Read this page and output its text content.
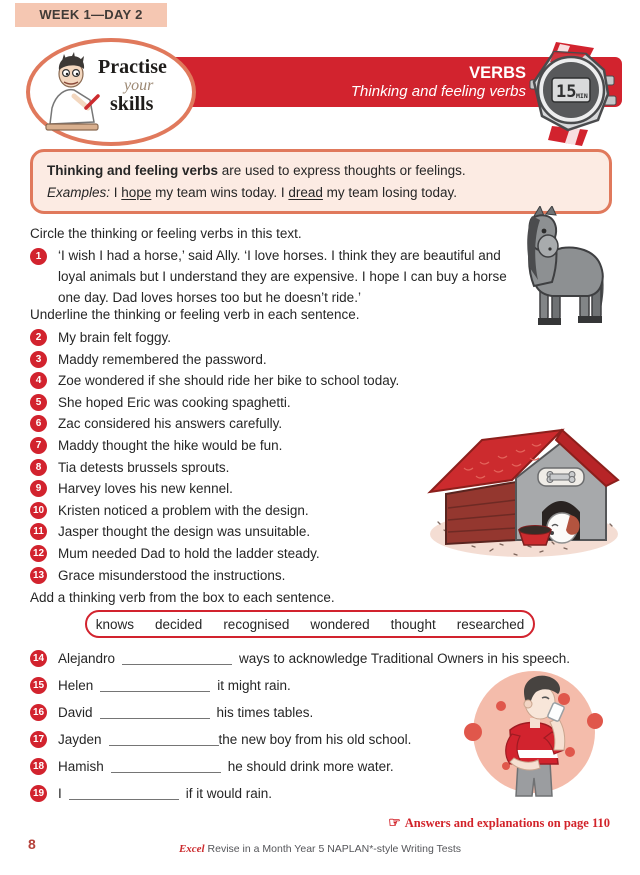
WEEK 1—DAY 2
VERBS
Thinking and feeling verbs
Practise
your
skills
15 MIN
Thinking and feeling verbs are used to express thoughts or feelings.
Examples: I hope my team wins today. I dread my team losing today.
Circle the thinking or feeling verbs in this text.
1	‘I wish I had a horse,’ said Ally. ‘I love horses. I think they are beautiful and loyal animals but I understand they are expensive. I hope I can buy a horse one day. Dad loves horses too but he doesn’t ride.’
Underline the thinking or feeling verb in each sentence.
2	My brain felt foggy.
3	Maddy remembered the password.
4	Zoe wondered if she should ride her bike to school today.
5	She hoped Eric was cooking spaghetti.
6	Zac considered his answers carefully.
7	Maddy thought the hike would be fun.
8	Tia detests brussels sprouts.
9	Harvey loves his new kennel.
10 Kristen noticed a problem with the design.
11 Jasper thought the design was unsuitable.
12 Mum needed Dad to hold the ladder steady.
13 Grace misunderstood the instructions.
Add a thinking verb from the box to each sentence.
knows decided recognised wondered thought researched
14 Alejandro	ways to acknowledge Traditional Owners in his speech.
15 Helen	it might rain.
16 David	his times tables.
17 Jayden	the new boy from his old school.
18 Hamish	he should drink more water.
19 I	if it would rain.
☞ Answers and explanations on page 110
8	Excel Revise in a Month Year 5 NAPLAN*-style Writing Tests
